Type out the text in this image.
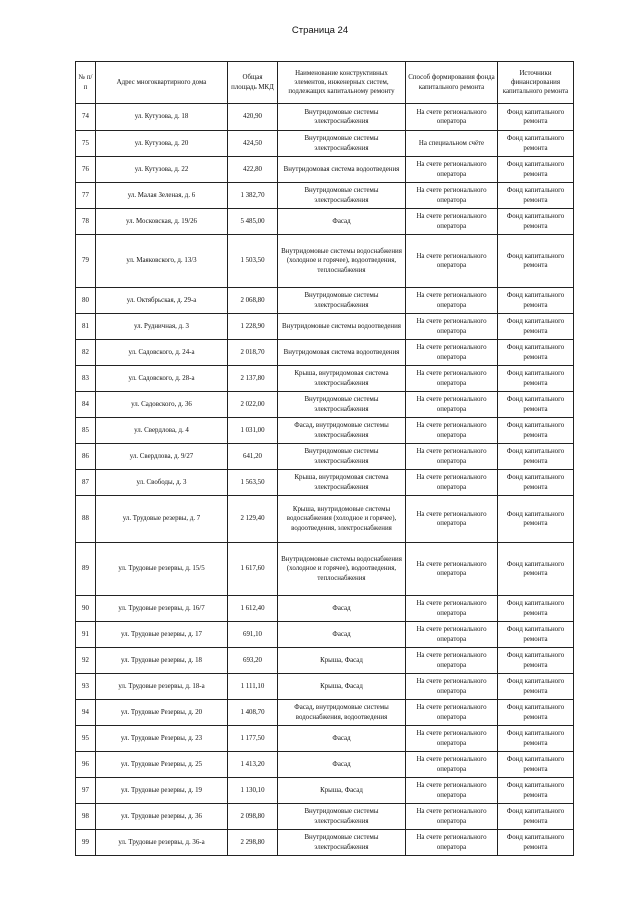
Страница 24
№ п/п	Адрес многоквартирного дома	Общая площадь МКД	Наименование конструктивных элементов, инженерных систем, подлежащих капитальному ремонту	Способ формирования фонда капитального ремонта	Источники финансирования капитального ремонта
74	ул. Кутузова, д. 18	420,90	Внутридомовые системы электроснабжения	На счете регионального оператора	Фонд капитального ремонта
75	ул. Кутузова, д. 20	424,50	Внутридомовые системы электроснабжения	На специальном счёте	Фонд капитального ремонта
76	ул. Кутузова, д. 22	422,80	Внутридомовая система водоотведения	На счете регионального оператора	Фонд капитального ремонта
77	ул. Малая Зеленая, д. 6	1 382,70	Внутридомовые системы электроснабжения	На счете регионального оператора	Фонд капитального ремонта
78	ул. Московская, д. 19/26	5 485,00	Фасад	На счете регионального оператора	Фонд капитального ремонта
79	ул. Маяковского, д. 13/3	1 503,50	Внутридомовые системы водоснабжения (холодное и горячее), водоотведения, теплоснабжения	На счете регионального оператора	Фонд капитального ремонта
80	ул. Октябрьская, д. 29-а	2 068,80	Внутридомовые системы электроснабжения	На счете регионального оператора	Фонд капитального ремонта
81	ул. Рудничная, д. 3	1 228,90	Внутридомовые системы водоотведения	На счете регионального оператора	Фонд капитального ремонта
82	ул. Садовского, д. 24-а	2 018,70	Внутридомовая система водоотведения	На счете регионального оператора	Фонд капитального ремонта
83	ул. Садовского, д. 28-а	2 137,80	Крыша, внутридомовая система электроснабжения	На счете регионального оператора	Фонд капитального ремонта
84	ул. Садовского, д. 36	2 022,00	Внутридомовые системы электроснабжения	На счете регионального оператора	Фонд капитального ремонта
85	ул. Свердлова, д. 4	1 031,00	Фасад, внутридомовые системы электроснабжения	На счете регионального оператора	Фонд капитального ремонта
86	ул. Свердлова, д. 9/27	641,20	Внутридомовые системы электроснабжения	На счете регионального оператора	Фонд капитального ремонта
87	ул. Свободы, д. 3	1 563,50	Крыша, внутридомовая система электроснабжения	На счете регионального оператора	Фонд капитального ремонта
88	ул. Трудовые резервы, д. 7	2 129,40	Крыша, внутридомовые системы водоснабжения (холодное и горячее), водоотведения, электроснабжения	На счете регионального оператора	Фонд капитального ремонта
89	ул. Трудовые резервы, д. 15/5	1 617,60	Внутридомовые системы водоснабжения (холодное и горячее), водоотведения, теплоснабжения	На счете регионального оператора	Фонд капитального ремонта
90	ул. Трудовые резервы, д. 16/7	1 612,40	Фасад	На счете регионального оператора	Фонд капитального ремонта
91	ул. Трудовые резервы, д. 17	691,10	Фасад	На счете регионального оператора	Фонд капитального ремонта
92	ул. Трудовые резервы, д. 18	693,20	Крыша, Фасад	На счете регионального оператора	Фонд капитального ремонта
93	ул. Трудовые резервы, д. 18-а	1 111,10	Крыша, Фасад	На счете регионального оператора	Фонд капитального ремонта
94	ул. Трудовые Резервы, д. 20	1 408,70	Фасад, внутридомовые системы водоснабжения, водоотведения	На счете регионального оператора	Фонд капитального ремонта
95	ул. Трудовые Резервы, д. 23	1 177,50	Фасад	На счете регионального оператора	Фонд капитального ремонта
96	ул. Трудовые Резервы, д. 25	1 413,20	Фасад	На счете регионального оператора	Фонд капитального ремонта
97	ул. Трудовые резервы, д. 19	1 130,10	Крыша, Фасад	На счете регионального оператора	Фонд капитального ремонта
98	ул. Трудовые резервы, д. 36	2 098,80	Внутридомовые системы электроснабжения	На счете регионального оператора	Фонд капитального ремонта
99	ул. Трудовые резервы, д. 36-а	2 298,80	Внутридомовые системы электроснабжения	На счете регионального оператора	Фонд капитального ремонта
